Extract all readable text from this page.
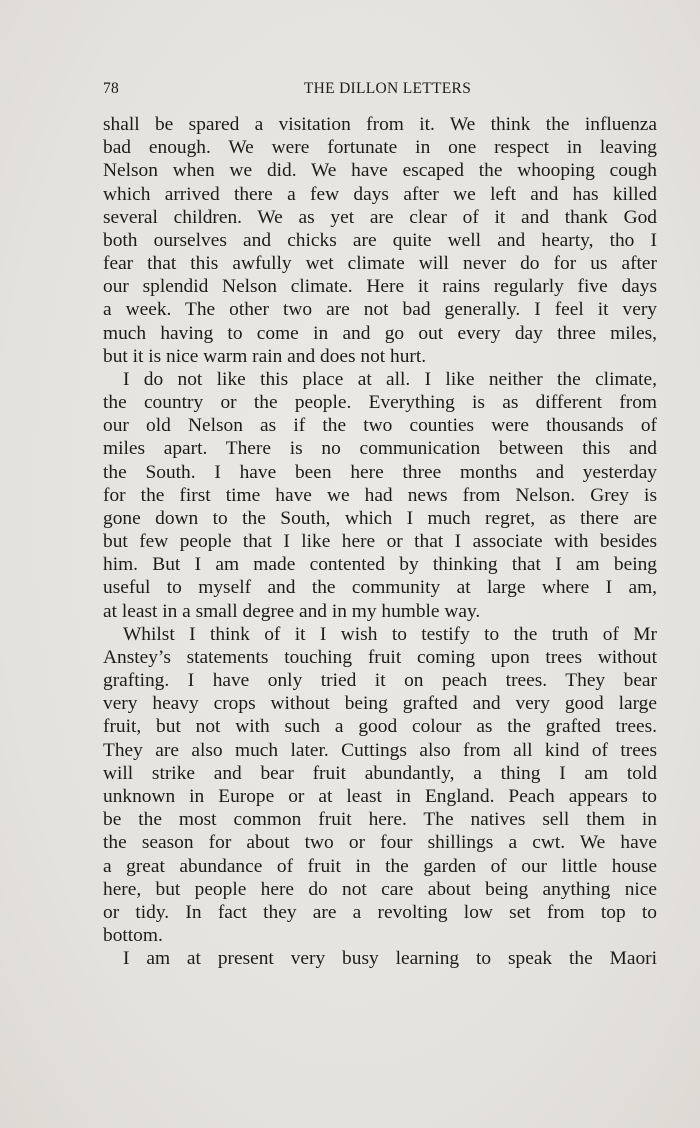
78	THE DILLON LETTERS
shall be spared a visitation from it. We think the influenza
bad enough. We were fortunate in one respect in leaving
Nelson when we did. We have escaped the whooping cough
which arrived there a few days after we left and has killed
several children. We as yet are clear of it and thank God
both ourselves and chicks are quite well and hearty, tho I
fear that this awfully wet climate will never do for us after
our splendid Nelson climate. Here it rains regularly five days
a week. The other two are not bad generally. I feel it very
much having to come in and go out every day three miles,
but it is nice warm rain and does not hurt.
I do not like this place at all. I like neither the climate,
the country or the people. Everything is as different from
our old Nelson as if the two counties were thousands of
miles apart. There is no communication between this and
the South. I have been here three months and yesterday
for the first time have we had news from Nelson. Grey is
gone down to the South, which I much regret, as there are
but few people that I like here or that I associate with besides
him. But I am made contented by thinking that I am being
useful to myself and the community at large where I am,
at least in a small degree and in my humble way.
Whilst I think of it I wish to testify to the truth of Mr
Anstey’s statements touching fruit coming upon trees without
grafting. I have only tried it on peach trees. They bear
very heavy crops without being grafted and very good large
fruit, but not with such a good colour as the grafted trees.
They are also much later. Cuttings also from all kind of trees
will strike and bear fruit abundantly, a thing I am told
unknown in Europe or at least in England. Peach appears to
be the most common fruit here. The natives sell them in
the season for about two or four shillings a cwt. We have
a great abundance of fruit in the garden of our little house
here, but people here do not care about being anything nice
or tidy. In fact they are a revolting low set from top to
bottom.
I am at present very busy learning to speak the Maori
